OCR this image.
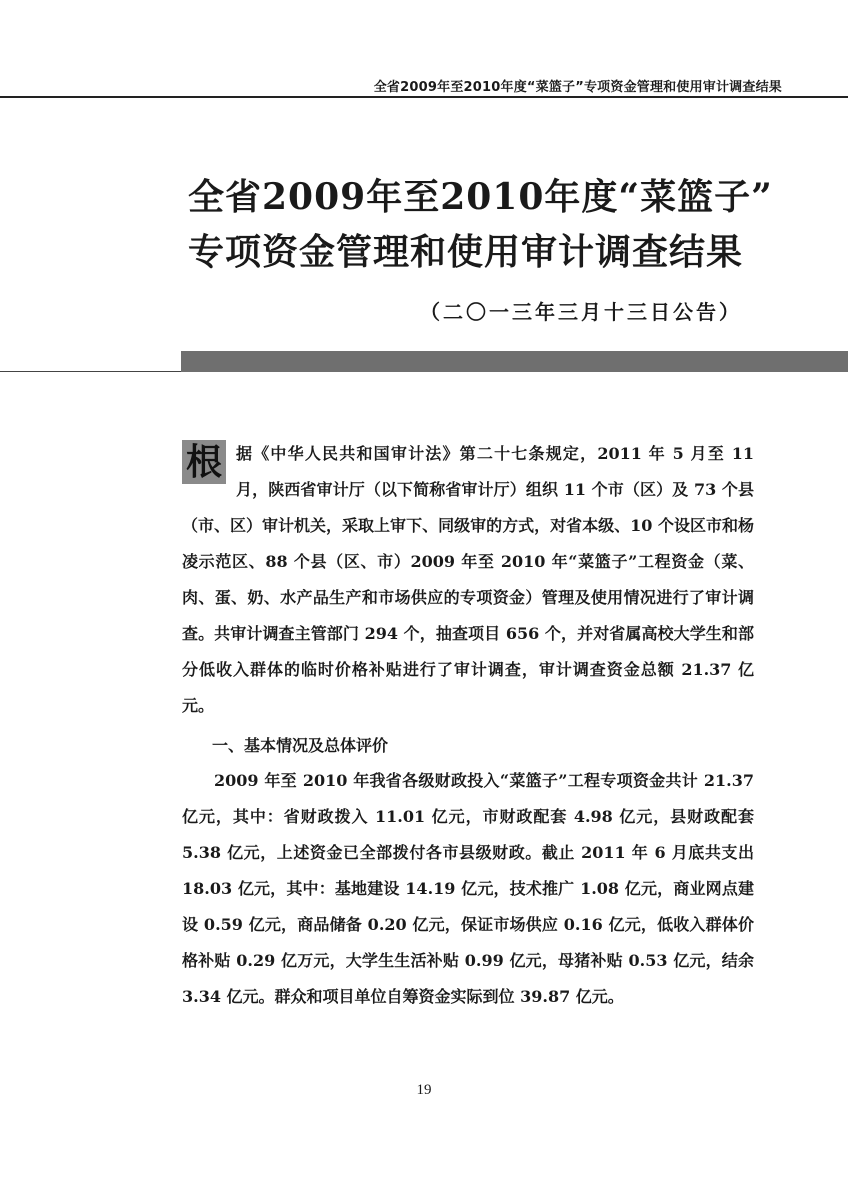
全省2009年至2010年度“菜篮子”专项资金管理和使用审计调查结果
全省2009年至2010年度“菜篮子”
专项资金管理和使用审计调查结果
（二〇一三年三月十三日公告）

根 据《中华人民共和国审计法》第二十七条规定，2011 年 5 月至 11 月，陕西省审计厅（以下简称省审计厅）组织 11 个市（区）及 73 个县（市、区）审计机关，采取上审下、同级审的方式，对省本级、10 个设区市和杨凌示范区、88 个县（区、市）2009 年至 2010 年“菜篮子”工程资金（菜、肉、蛋、奶、水产品生产和市场供应的专项资金）管理及使用情况进行了审计调查。共审计调查主管部门 294 个，抽查项目 656 个，并对省属高校大学生和部分低收入群体的临时价格补贴进行了审计调查，审计调查资金总额 21.37 亿元。

一、基本情况及总体评价

2009 年至 2010 年我省各级财政投入“菜篮子”工程专项资金共计 21.37 亿元，其中：省财政拨入 11.01 亿元，市财政配套 4.98 亿元，县财政配套 5.38 亿元，上述资金已全部拨付各市县级财政。截止 2011 年 6 月底共支出 18.03 亿元，其中：基地建设 14.19 亿元，技术推广 1.08 亿元，商业网点建设 0.59 亿元，商品储备 0.20 亿元，保证市场供应 0.16 亿元，低收入群体价格补贴 0.29 亿万元，大学生生活补贴 0.99 亿元，母猪补贴 0.53 亿元，结余 3.34 亿元。群众和项目单位自筹资金实际到位 39.87 亿元。

19
